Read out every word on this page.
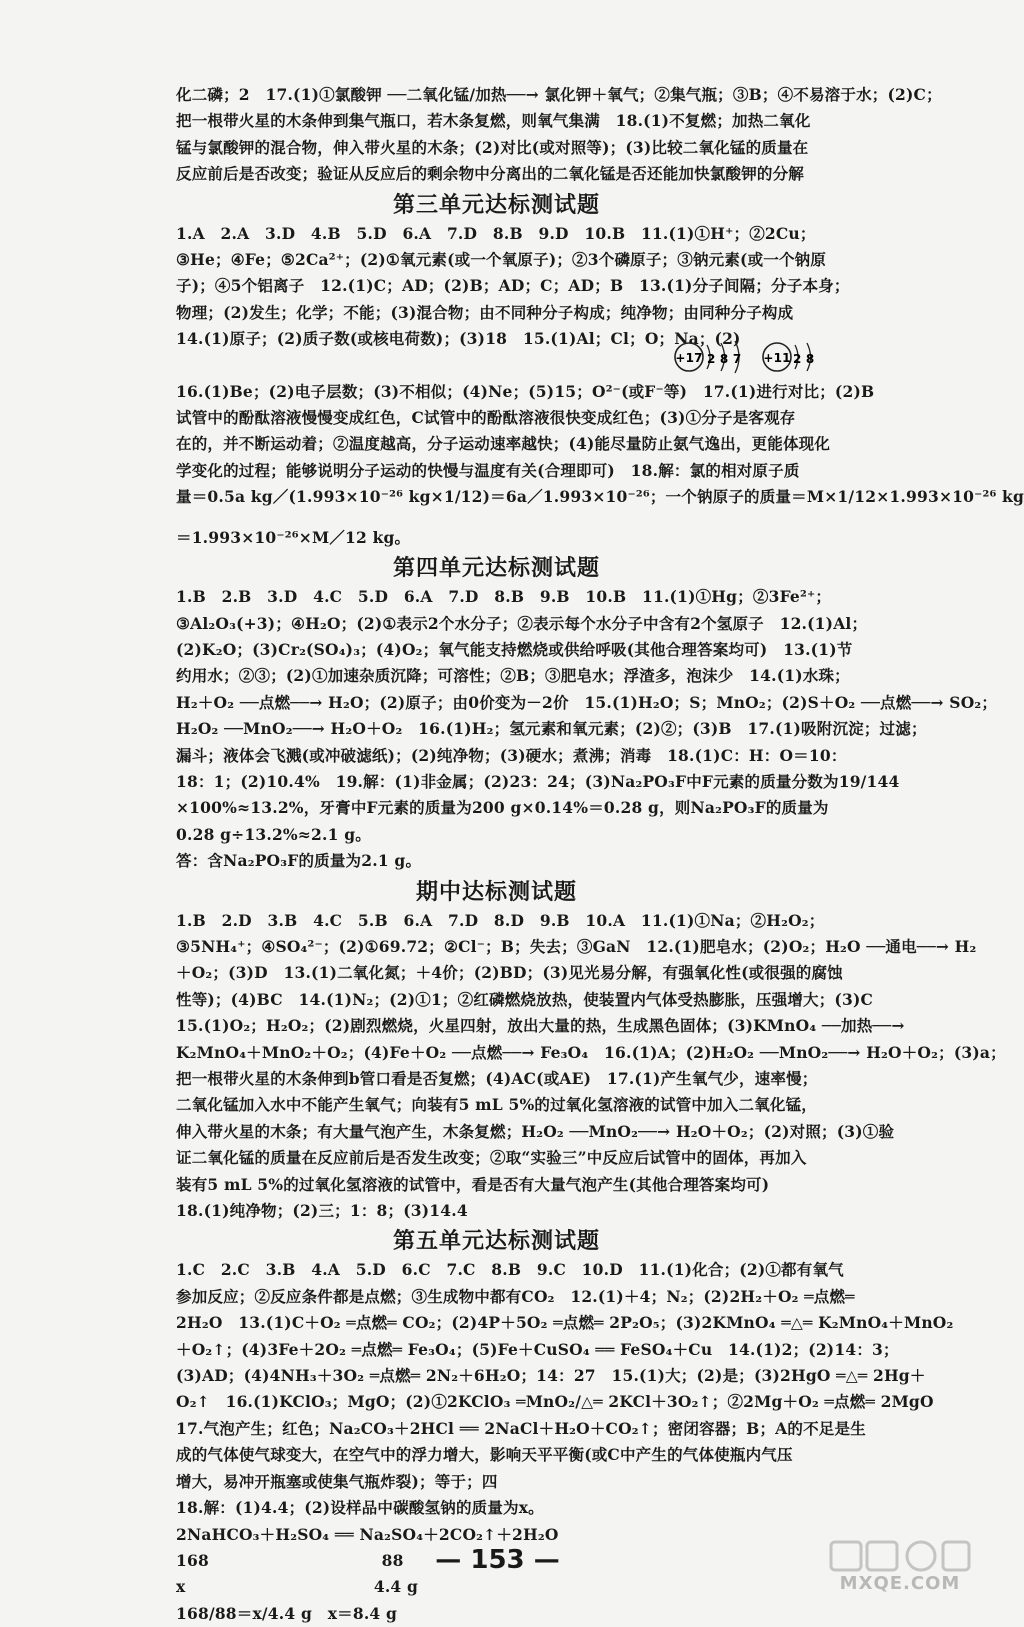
化二磷；2　17.(1)①氯酸钾 ──二氧化锰/加热──→ 氯化钾＋氧气；②集气瓶；③B；④不易溶于水；(2)C；
把一根带火星的木条伸到集气瓶口，若木条复燃，则氧气集满　18.(1)不复燃；加热二氧化
锰与氯酸钾的混合物，伸入带火星的木条；(2)对比(或对照等)；(3)比较二氧化锰的质量在
反应前后是否改变；验证从反应后的剩余物中分离出的二氧化锰是否还能加快氯酸钾的分解
第三单元达标测试题
1.A　2.A　3.D　4.B　5.D　6.A　7.D　8.B　9.D　10.B　11.(1)①H⁺；②2Cu；
③He；④Fe；⑤2Ca²⁺；(2)①氧元素(或一个氧原子)；②3个磷原子；③钠元素(或一个钠原
子)；④5个铝离子　12.(1)C；AD；(2)B；AD；C；AD；B　13.(1)分子间隔；分子本身；
物理；(2)发生；化学；不能；(3)混合物；由不同种分子构成；纯净物；由同种分子构成
14.(1)原子；(2)质子数(或核电荷数)；(3)18　15.(1)Al；Cl；O；Na；(2)
+17 2 8 7 +11 2 8
16.(1)Be；(2)电子层数；(3)不相似；(4)Ne；(5)15；O²⁻(或F⁻等)　17.(1)进行对比；(2)B
试管中的酚酞溶液慢慢变成红色，C试管中的酚酞溶液很快变成红色；(3)①分子是客观存
在的，并不断运动着；②温度越高，分子运动速率越快；(4)能尽量防止氨气逸出，更能体现化
学变化的过程；能够说明分子运动的快慢与温度有关(合理即可)　18.解：氯的相对原子质
量＝0.5a kg／(1.993×10⁻²⁶ kg×1/12)＝6a／1.993×10⁻²⁶；一个钠原子的质量＝M×1/12×1.993×10⁻²⁶ kg
＝1.993×10⁻²⁶×M／12 kg。
第四单元达标测试题
1.B　2.B　3.D　4.C　5.D　6.A　7.D　8.B　9.B　10.B　11.(1)①Hg；②3Fe²⁺；
③Al₂O₃(+3)；④H₂O；(2)①表示2个水分子；②表示每个水分子中含有2个氢原子　12.(1)Al；
(2)K₂O；(3)Cr₂(SO₄)₃；(4)O₂；氧气能支持燃烧或供给呼吸(其他合理答案均可)　13.(1)节
约用水；②③；(2)①加速杂质沉降；可溶性；②B；③肥皂水；浮渣多，泡沫少　14.(1)水珠；
H₂＋O₂ ──点燃──→ H₂O；(2)原子；由0价变为－2价　15.(1)H₂O；S；MnO₂；(2)S＋O₂ ──点燃──→ SO₂；
H₂O₂ ──MnO₂──→ H₂O＋O₂　16.(1)H₂；氢元素和氧元素；(2)②；(3)B　17.(1)吸附沉淀；过滤；
漏斗；液体会飞溅(或冲破滤纸)；(2)纯净物；(3)硬水；煮沸；消毒　18.(1)C：H：O＝10：
18：1；(2)10.4%　19.解：(1)非金属；(2)23：24；(3)Na₂PO₃F中F元素的质量分数为19/144
×100%≈13.2%，牙膏中F元素的质量为200 g×0.14%＝0.28 g，则Na₂PO₃F的质量为
0.28 g÷13.2%≈2.1 g。
答：含Na₂PO₃F的质量为2.1 g。
期中达标测试题
1.B　2.D　3.B　4.C　5.B　6.A　7.D　8.D　9.B　10.A　11.(1)①Na；②H₂O₂；
③5NH₄⁺；④SO₄²⁻；(2)①69.72；②Cl⁻；B；失去；③GaN　12.(1)肥皂水；(2)O₂；H₂O ──通电──→ H₂
＋O₂；(3)D　13.(1)二氧化氮；＋4价；(2)BD；(3)见光易分解，有强氧化性(或很强的腐蚀
性等)；(4)BC　14.(1)N₂；(2)①1；②红磷燃烧放热，使装置内气体受热膨胀，压强增大；(3)C
15.(1)O₂；H₂O₂；(2)剧烈燃烧，火星四射，放出大量的热，生成黑色固体；(3)KMnO₄ ──加热──→
K₂MnO₄＋MnO₂＋O₂；(4)Fe＋O₂ ──点燃──→ Fe₃O₄　16.(1)A；(2)H₂O₂ ──MnO₂──→ H₂O＋O₂；(3)a；
把一根带火星的木条伸到b管口看是否复燃；(4)AC(或AE)　17.(1)产生氧气少，速率慢；
二氧化锰加入水中不能产生氧气；向装有5 mL 5%的过氧化氢溶液的试管中加入二氧化锰，
伸入带火星的木条；有大量气泡产生，木条复燃；H₂O₂ ──MnO₂──→ H₂O＋O₂；(2)对照；(3)①验
证二氧化锰的质量在反应前后是否发生改变；②取“实验三”中反应后试管中的固体，再加入
装有5 mL 5%的过氧化氢溶液的试管中，看是否有大量气泡产生(其他合理答案均可)
18.(1)纯净物；(2)三；1：8；(3)14.4
第五单元达标测试题
1.C　2.C　3.B　4.A　5.D　6.C　7.C　8.B　9.C　10.D　11.(1)化合；(2)①都有氧气
参加反应；②反应条件都是点燃；③生成物中都有CO₂　12.(1)＋4；N₂；(2)2H₂＋O₂ ═点燃═
2H₂O　13.(1)C＋O₂ ═点燃═ CO₂；(2)4P＋5O₂ ═点燃═ 2P₂O₅；(3)2KMnO₄ ═△═ K₂MnO₄＋MnO₂
＋O₂↑；(4)3Fe＋2O₂ ═点燃═ Fe₃O₄；(5)Fe＋CuSO₄ ══ FeSO₄＋Cu　14.(1)2；(2)14：3；
(3)AD；(4)4NH₃＋3O₂ ═点燃═ 2N₂＋6H₂O；14：27　15.(1)大；(2)是；(3)2HgO ═△═ 2Hg＋
O₂↑　16.(1)KClO₃；MgO；(2)①2KClO₃ ═MnO₂/△═ 2KCl＋3O₂↑；②2Mg＋O₂ ═点燃═ 2MgO
17.气泡产生；红色；Na₂CO₃＋2HCl ══ 2NaCl＋H₂O＋CO₂↑；密闭容器；B；A的不足是生
成的气体使气球变大，在空气中的浮力增大，影响天平平衡(或C中产生的气体使瓶内气压
增大，易冲开瓶塞或使集气瓶炸裂)；等于；四
18.解：(1)4.4；(2)设样品中碳酸氢钠的质量为x。
2NaHCO₃＋H₂SO₄ ══ Na₂SO₄＋2CO₂↑＋2H₂O
168　　　　　　　　　　　88
x　　　　　　　　　　　　4.4 g
168/88＝x/4.4 g　x＝8.4 g
— 153 —
MXQE.COM
